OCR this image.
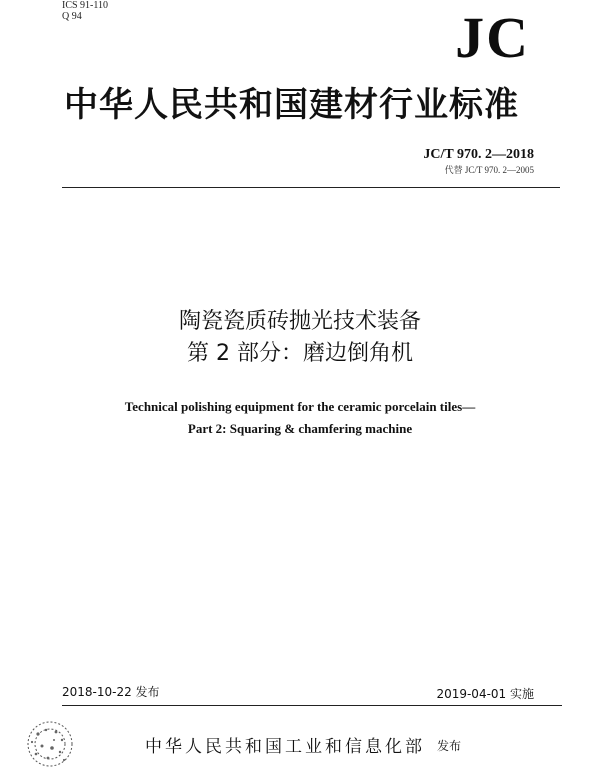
ICS 91-110
Q 94	JC
中华人民共和国建材行业标准
JC/T 970. 2—2018
代替 JC/T 970. 2—2005
陶瓷瓷质砖抛光技术装备
第 2 部分：磨边倒角机
Technical polishing equipment for the ceramic porcelain tiles—
Part 2: Squaring & chamfering machine
2018-10-22 发布	2019-04-01 实施
中华人民共和国工业和信息化部 发布
